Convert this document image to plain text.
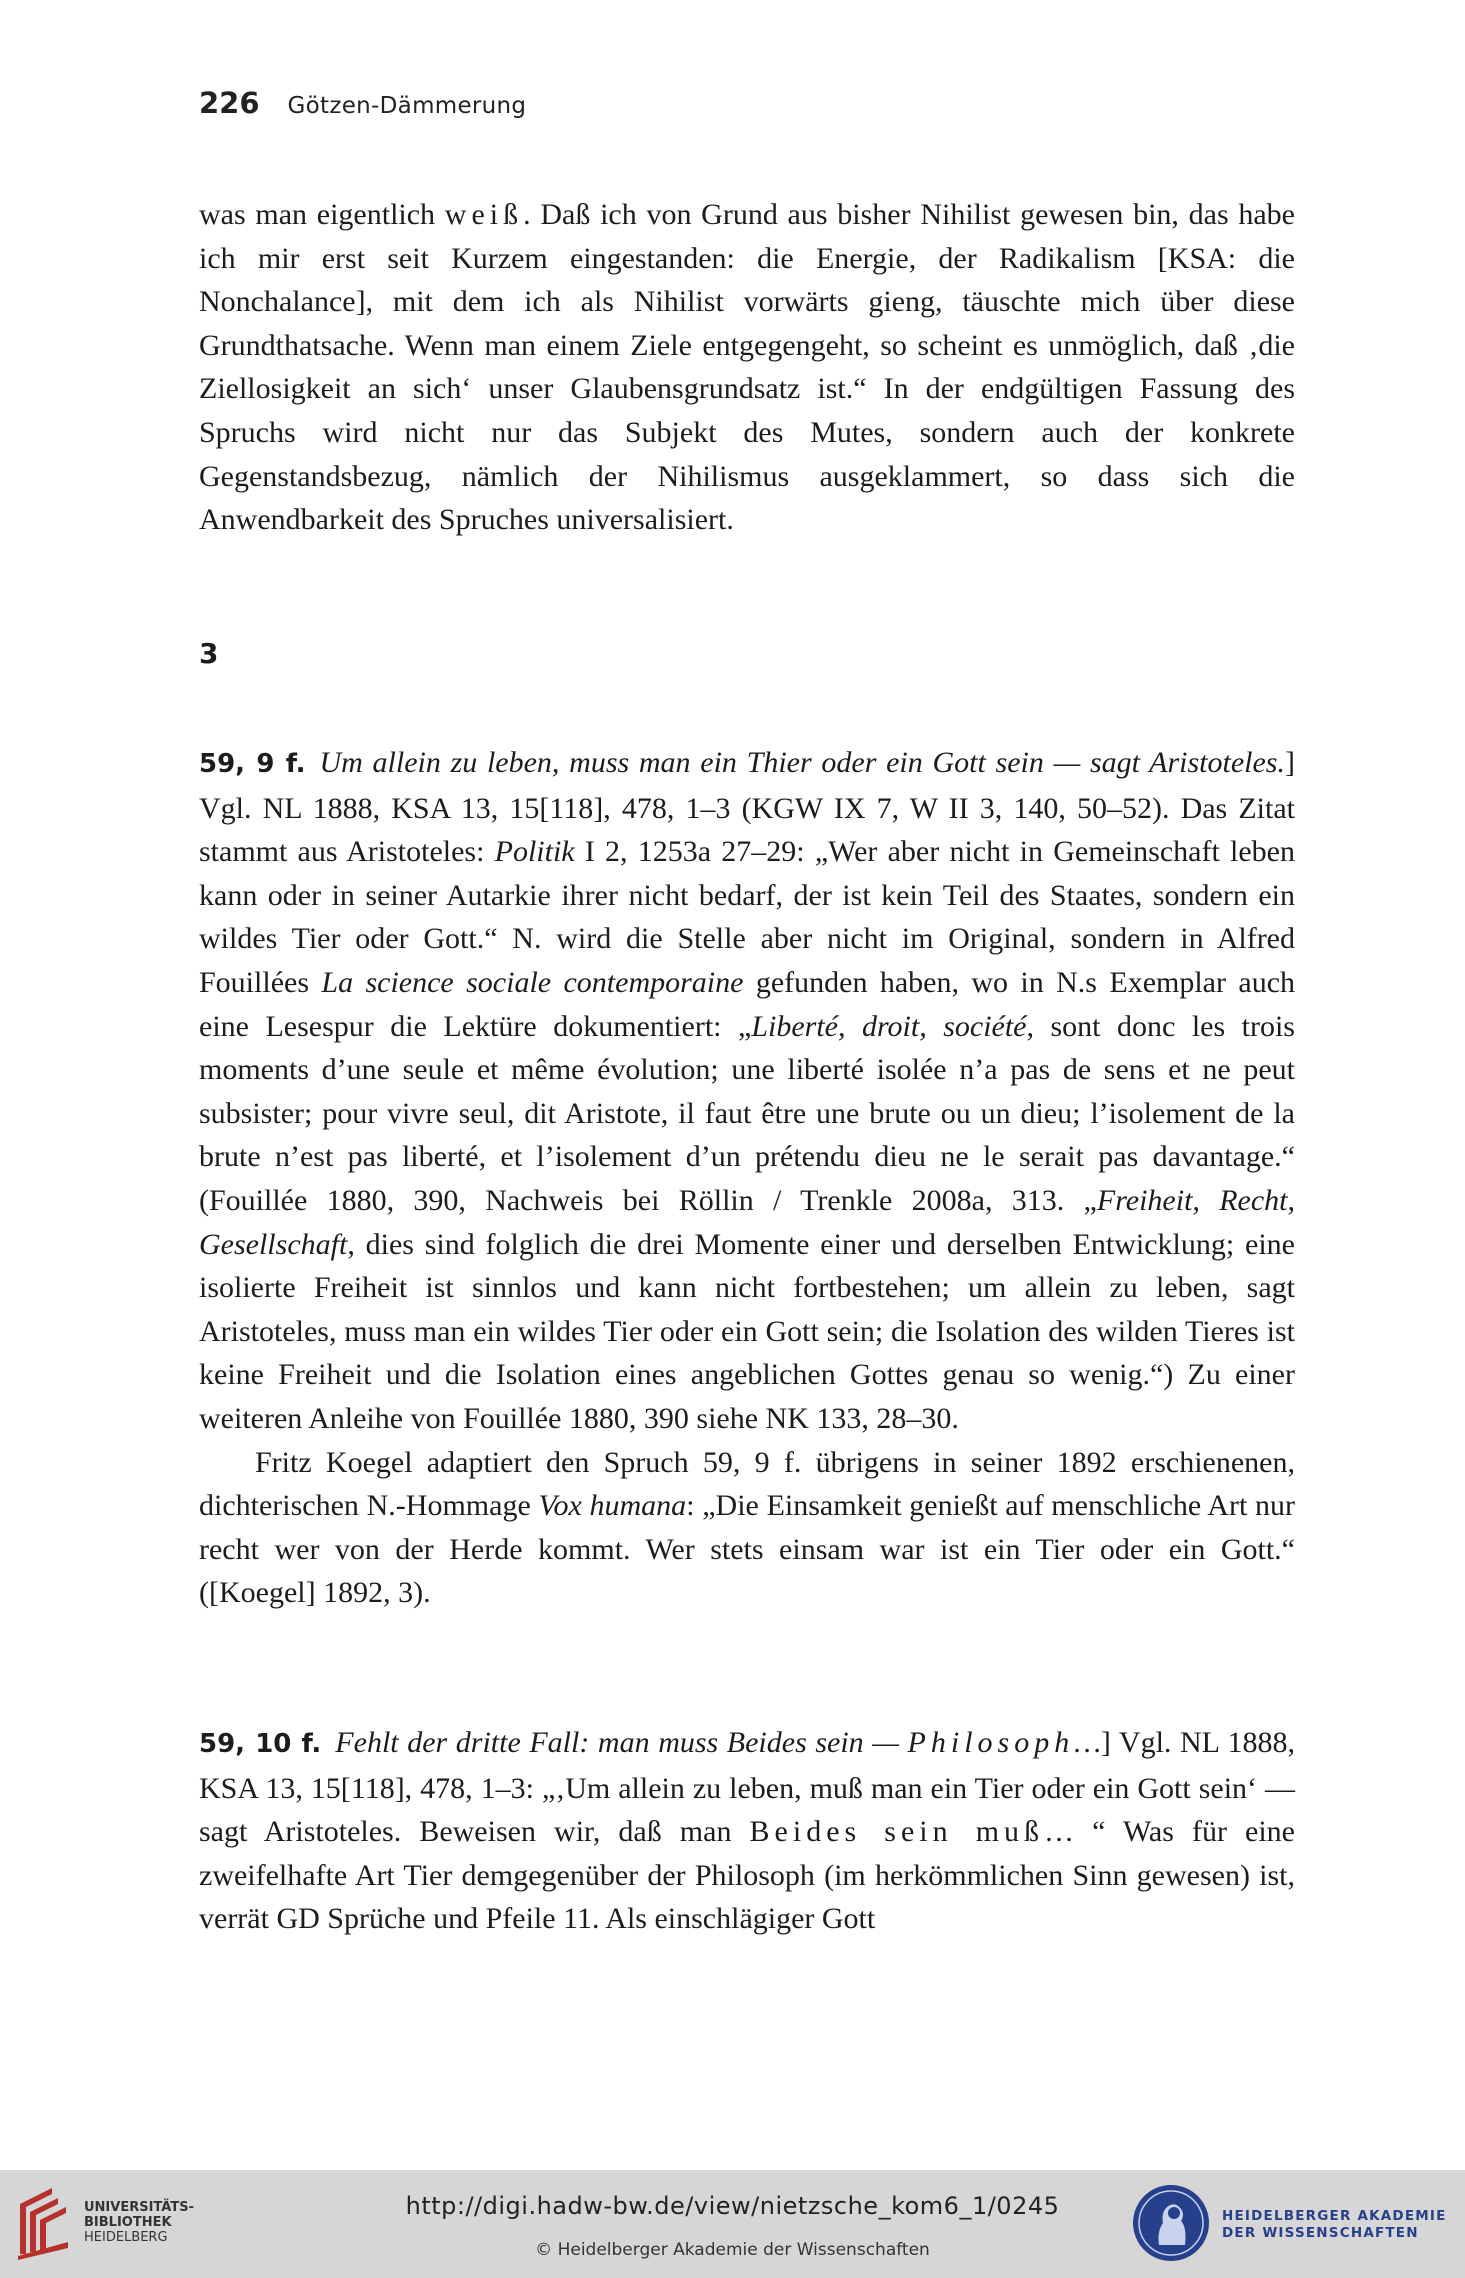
226 Götzen-Dämmerung

was man eigentlich weiß. Daß ich von Grund aus bisher Nihilist gewesen bin, das habe ich mir erst seit Kurzem eingestanden: die Energie, der Radikalism [KSA: die Nonchalance], mit dem ich als Nihilist vorwärts gieng, täuschte mich über diese Grundthatsache. Wenn man einem Ziele entgegengeht, so scheint es unmöglich, daß ‚die Ziellosigkeit an sich‘ unser Glaubensgrundsatz ist.“ In der endgültigen Fassung des Spruchs wird nicht nur das Subjekt des Mutes, sondern auch der konkrete Gegenstandsbezug, nämlich der Nihilismus ausgeklammert, so dass sich die Anwendbarkeit des Spruches universalisiert.

3

59, 9 f. Um allein zu leben, muss man ein Thier oder ein Gott sein — sagt Aristoteles.] Vgl. NL 1888, KSA 13, 15[118], 478, 1–3 (KGW IX 7, W II 3, 140, 50–52). Das Zitat stammt aus Aristoteles: Politik I 2, 1253a 27–29: „Wer aber nicht in Gemeinschaft leben kann oder in seiner Autarkie ihrer nicht bedarf, der ist kein Teil des Staates, sondern ein wildes Tier oder Gott.“ N. wird die Stelle aber nicht im Original, sondern in Alfred Fouillées La science sociale contemporaine gefunden haben, wo in N.s Exemplar auch eine Lesespur die Lektüre dokumentiert: „Liberté, droit, société, sont donc les trois moments d’une seule et même évolution; une liberté isolée n’a pas de sens et ne peut subsister; pour vivre seul, dit Aristote, il faut être une brute ou un dieu; l’isolement de la brute n’est pas liberté, et l’isolement d’un prétendu dieu ne le serait pas davantage.“ (Fouillée 1880, 390, Nachweis bei Röllin / Trenkle 2008a, 313. „Freiheit, Recht, Gesellschaft, dies sind folglich die drei Momente einer und derselben Entwicklung; eine isolierte Freiheit ist sinnlos und kann nicht fortbestehen; um allein zu leben, sagt Aristoteles, muss man ein wildes Tier oder ein Gott sein; die Isolation des wilden Tieres ist keine Freiheit und die Isolation eines angeblichen Gottes genau so wenig.“) Zu einer weiteren Anleihe von Fouillée 1880, 390 siehe NK 133, 28–30.

Fritz Koegel adaptiert den Spruch 59, 9 f. übrigens in seiner 1892 erschienenen, dichterischen N.-Hommage Vox humana: „Die Einsamkeit genießt auf menschliche Art nur recht wer von der Herde kommt. Wer stets einsam war ist ein Tier oder ein Gott.“ ([Koegel] 1892, 3).

59, 10 f. Fehlt der dritte Fall: man muss Beides sein — Philosoph…] Vgl. NL 1888, KSA 13, 15[118], 478, 1–3: „‚Um allein zu leben, muß man ein Tier oder ein Gott sein‘ — sagt Aristoteles. Beweisen wir, daß man Beides sein muß… “ Was für eine zweifelhafte Art Tier demgegenüber der Philosoph (im herkömmlichen Sinn gewesen) ist, verrät GD Sprüche und Pfeile 11. Als einschlägiger Gott

UNIVERSITÄTS-
BIBLIOTHEK
HEIDELBERG
http://digi.hadw-bw.de/view/nietzsche_kom6_1/0245
© Heidelberger Akademie der Wissenschaften
HEIDELBERGER AKADEMIE
DER WISSENSCHAFTEN
